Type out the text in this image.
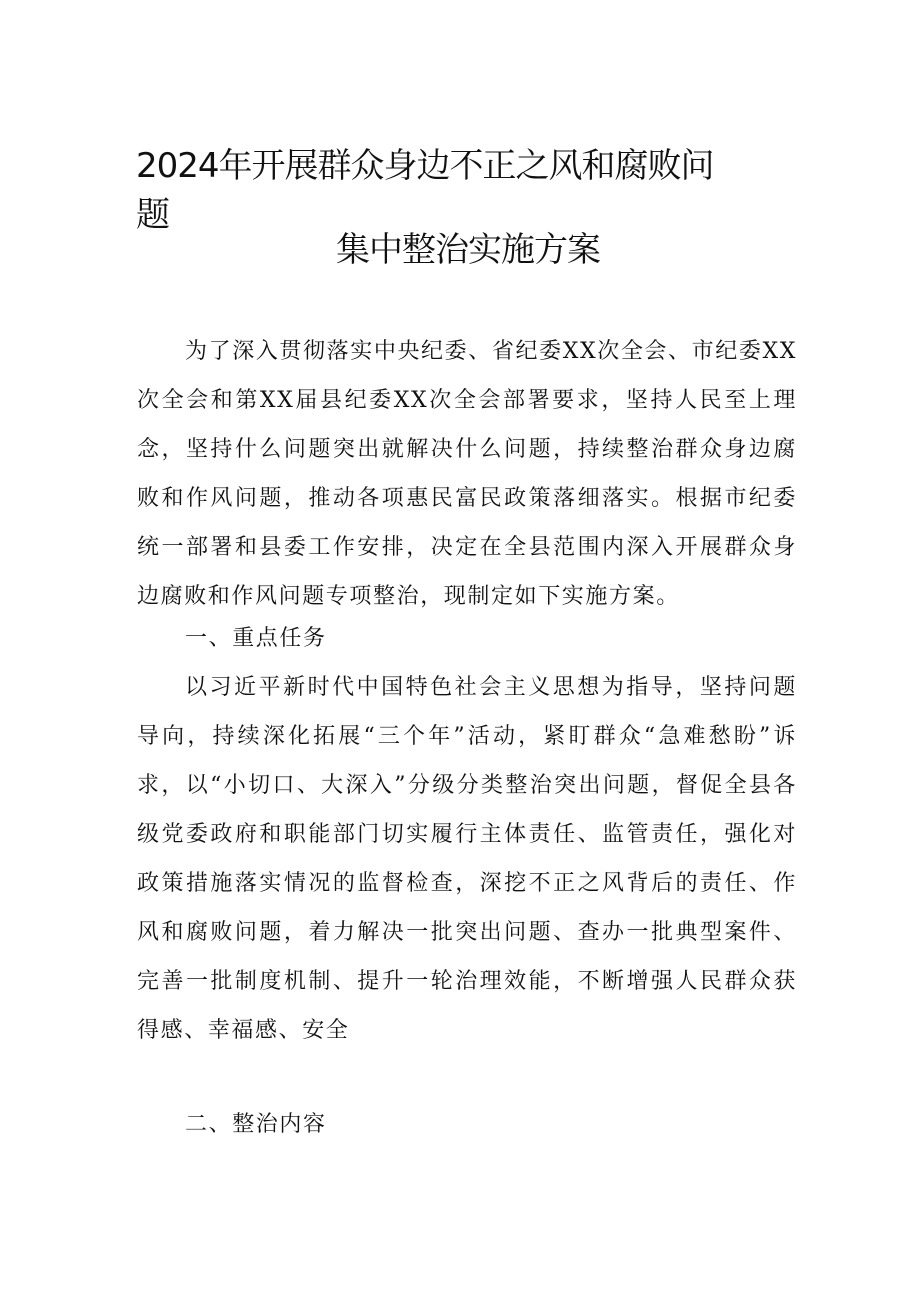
2024年开展群众身边不正之风和腐败问题
集中整治实施方案

为了深入贯彻落实中央纪委、省纪委XX次全会、市纪委XX次全会和第XX届县纪委XX次全会部署要求，坚持人民至上理念，坚持什么问题突出就解决什么问题，持续整治群众身边腐败和作风问题，推动各项惠民富民政策落细落实。根据市纪委统一部署和县委工作安排，决定在全县范围内深入开展群众身边腐败和作风问题专项整治，现制定如下实施方案。

一、重点任务

以习近平新时代中国特色社会主义思想为指导，坚持问题导向，持续深化拓展“三个年”活动，紧盯群众“急难愁盼”诉求，以“小切口、大深入”分级分类整治突出问题，督促全县各级党委政府和职能部门切实履行主体责任、监管责任，强化对政策措施落实情况的监督检查，深挖不正之风背后的责任、作风和腐败问题，着力解决一批突出问题、查办一批典型案件、完善一批制度机制、提升一轮治理效能，不断增强人民群众获得感、幸福感、安全

二、整治内容
